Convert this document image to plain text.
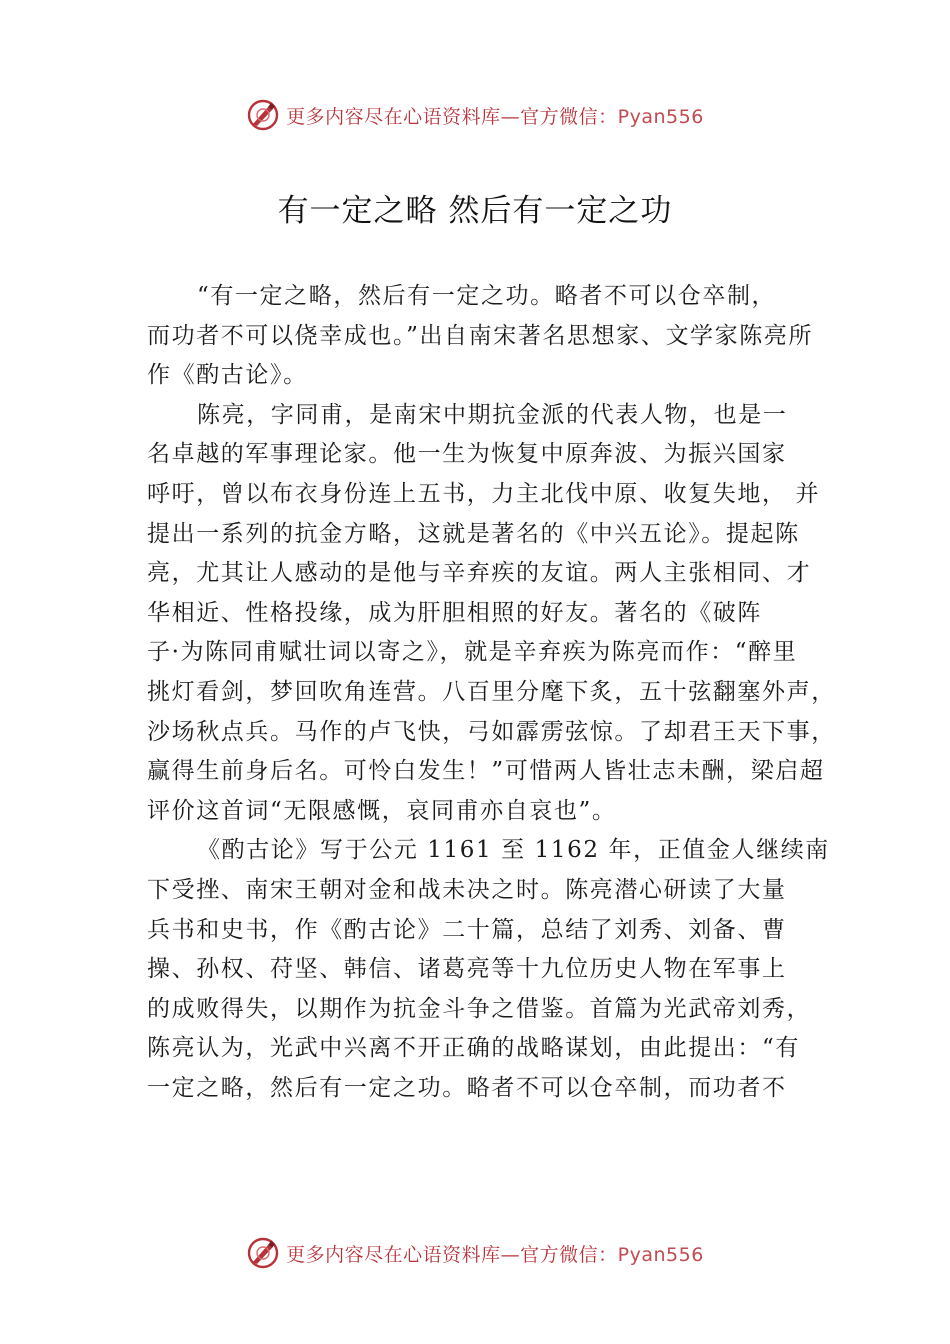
更多内容尽在心语资料库—官方微信：Pyan556
有一定之略 然后有一定之功
“有一定之略，然后有一定之功。略者不可以仓卒制，
而功者不可以侥幸成也。”出自南宋著名思想家、文学家陈亮所
作《酌古论》。
陈亮，字同甫，是南宋中期抗金派的代表人物，也是一
名卓越的军事理论家。他一生为恢复中原奔波、为振兴国家
呼吁，曾以布衣身份连上五书，力主北伐中原、收复失地， 并
提出一系列的抗金方略，这就是著名的《中兴五论》。提起陈
亮，尤其让人感动的是他与辛弃疾的友谊。两人主张相同、才
华相近、性格投缘，成为肝胆相照的好友。著名的《破阵
子·为陈同甫赋壮词以寄之》，就是辛弃疾为陈亮而作：“醉里
挑灯看剑，梦回吹角连营。八百里分麾下炙，五十弦翻塞外声，
沙场秋点兵。马作的卢飞快，弓如霹雳弦惊。了却君王天下事，
赢得生前身后名。可怜白发生！”可惜两人皆壮志未酬，梁启超
评价这首词“无限感慨，哀同甫亦自哀也”。
《酌古论》写于公元 1161 至 1162 年，正值金人继续南
下受挫、南宋王朝对金和战未决之时。陈亮潜心研读了大量
兵书和史书，作《酌古论》二十篇，总结了刘秀、刘备、曹
操、孙权、苻坚、韩信、诸葛亮等十九位历史人物在军事上
的成败得失，以期作为抗金斗争之借鉴。首篇为光武帝刘秀，
陈亮认为，光武中兴离不开正确的战略谋划，由此提出：“有
一定之略，然后有一定之功。略者不可以仓卒制，而功者不
更多内容尽在心语资料库—官方微信：Pyan556
